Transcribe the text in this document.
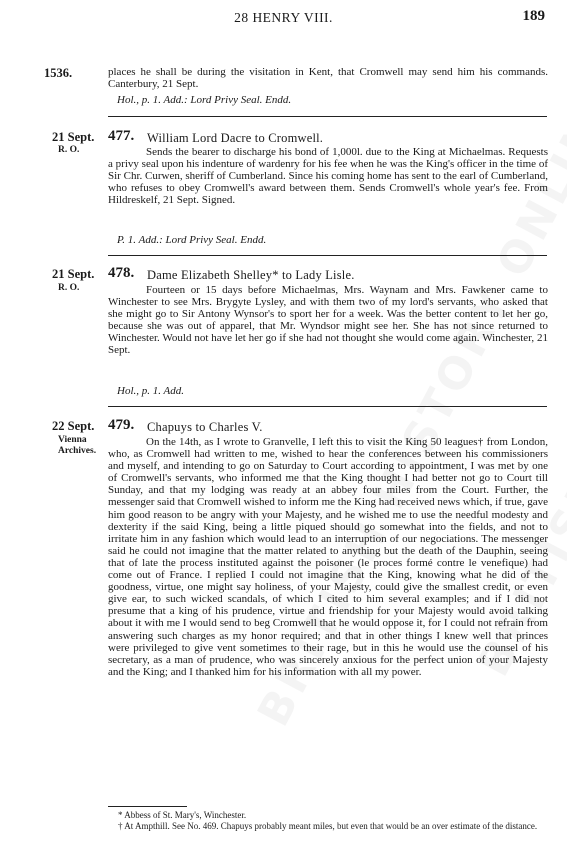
28 HENRY VIII.	189
1536.	places he shall be during the visitation in Kent, that Cromwell may send him his commands. Canterbury, 21 Sept.

Hol., p. 1. Add.: Lord Privy Seal. Endd.
21 Sept.
R. O.
477. William Lord Dacre to Cromwell.

Sends the bearer to discharge his bond of 1,000l. due to the King at Michaelmas. Requests a privy seal upon his indenture of wardenry for his fee when he was the King's officer in the time of Sir Chr. Curwen, sheriff of Cumberland. Since his coming home has sent to the earl of Cumberland, who refuses to obey Cromwell's award between them. Sends Cromwell's whole year's fee. From Hildreskelf, 21 Sept. Signed.

P. 1. Add.: Lord Privy Seal. Endd.
21 Sept.
R. O.
478. Dame Elizabeth Shelley* to Lady Lisle.

Fourteen or 15 days before Michaelmas, Mrs. Waynam and Mrs. Fawkener came to Winchester to see Mrs. Brygyte Lysley, and with them two of my lord's servants, who asked that she might go to Sir Antony Wynsor's to sport her for a week. Was the better content to let her go, because she was out of apparel, that Mr. Wyndsor might see her. She has not since returned to Winchester. Would not have let her go if she had not thought she would come again. Winchester, 21 Sept.

Hol., p. 1. Add.
22 Sept.
Vienna Archives.
479. Chapuys to Charles V.

On the 14th, as I wrote to Granvelle, I left this to visit the King 50 leagues† from London, who, as Cromwell had written to me, wished to hear the conferences between his commissioners and myself, and intending to go on Saturday to Court according to appointment, I was met by one of Cromwell's servants, who informed me that the King thought I had better not go to Court till Sunday, and that my lodging was ready at an abbey four miles from the Court. Further, the messenger said that Cromwell wished to inform me the King had received news which, if true, gave him good reason to be angry with your Majesty, and he wished me to use the needful modesty and dexterity if the said King, being a little piqued should go somewhat into the fields, and not to irritate him in any fashion which would lead to an interruption of our negociations. The messenger said he could not imagine that the matter related to anything but the death of the Dauphin, seeing that of late the process instituted against the poisoner (le proces formé contre le venefique) had come out of France. I replied I could not imagine that the King, knowing what he did of the goodness, virtue, one might say holiness, of your Majesty, could give the smallest credit, or even give ear, to such wicked scandals, of which I cited to him several examples; and if I did not presume that a king of his prudence, virtue and friendship for your Majesty would avoid talking about it with me I would send to beg Cromwell that he would oppose it, for I could not refrain from answering such charges as my honor required; and that in other things I knew well that princes were privileged to give vent sometimes to their rage, but in this he would use the counsel of his secretary, as a man of prudence, who was sincerely anxious for the perfect union of your Majesty and the King; and I thanked him for his information with all my power.

* Abbess of St. Mary's, Winchester.
† At Ampthill. See No. 469. Chapuys probably meant miles, but even that would be an over estimate of the distance.
